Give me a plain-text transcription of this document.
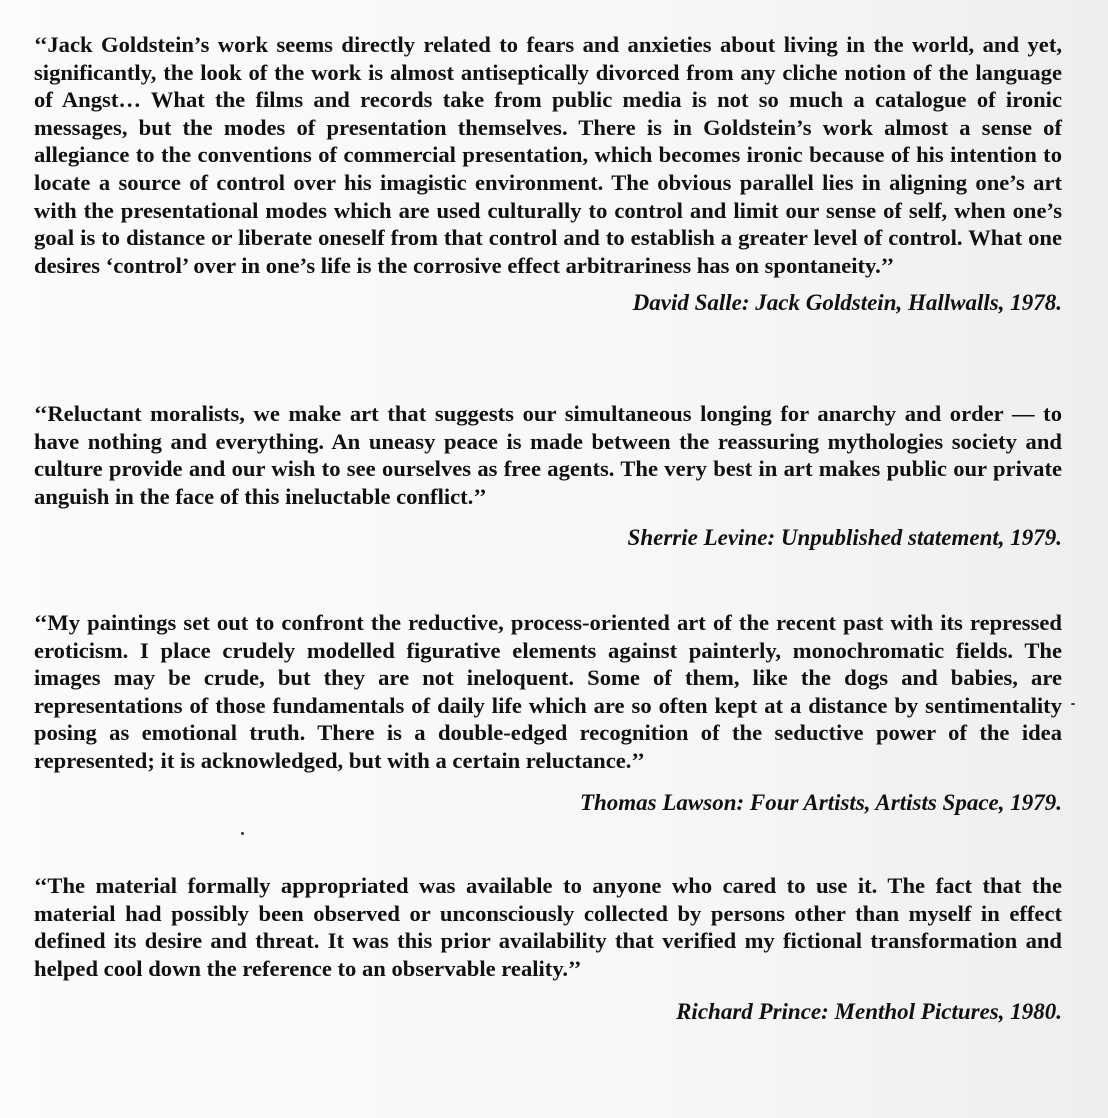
‘‘Jack Goldstein’s work seems directly related to fears and anxieties about living in the world, and yet, significantly, the look of the work is almost antiseptically divorced from any cliche notion of the language of Angst… What the films and records take from public media is not so much a catalogue of ironic messages, but the modes of presentation themselves. There is in Goldstein’s work almost a sense of allegiance to the conventions of commercial presentation, which becomes ironic because of his intention to locate a source of control over his imagistic environment. The obvious parallel lies in aligning one’s art with the presentational modes which are used culturally to control and limit our sense of self, when one’s goal is to distance or liberate oneself from that control and to establish a greater level of control. What one desires ‘control’ over in one’s life is the corrosive effect arbitrariness has on spontaneity.’’

David Salle: Jack Goldstein, Hallwalls, 1978.

‘‘Reluctant moralists, we make art that suggests our simultaneous longing for anarchy and order — to have nothing and everything. An uneasy peace is made between the reassuring mythologies society and culture provide and our wish to see ourselves as free agents. The very best in art makes public our private anguish in the face of this ineluctable conflict.’’

Sherrie Levine: Unpublished statement, 1979.

‘‘My paintings set out to confront the reductive, process-oriented art of the recent past with its repressed eroticism. I place crudely modelled figurative elements against painterly, monochromatic fields. The images may be crude, but they are not ineloquent. Some of them, like the dogs and babies, are representations of those fundamentals of daily life which are so often kept at a distance by sentimentality posing as emotional truth. There is a double-edged recognition of the seductive power of the idea represented; it is acknowledged, but with a certain reluctance.’’

Thomas Lawson: Four Artists, Artists Space, 1979.

‘‘The material formally appropriated was available to anyone who cared to use it. The fact that the material had possibly been observed or unconsciously collected by persons other than myself in effect defined its desire and threat. It was this prior availability that verified my fictional transformation and helped cool down the reference to an observable reality.’’

Richard Prince: Menthol Pictures, 1980.
